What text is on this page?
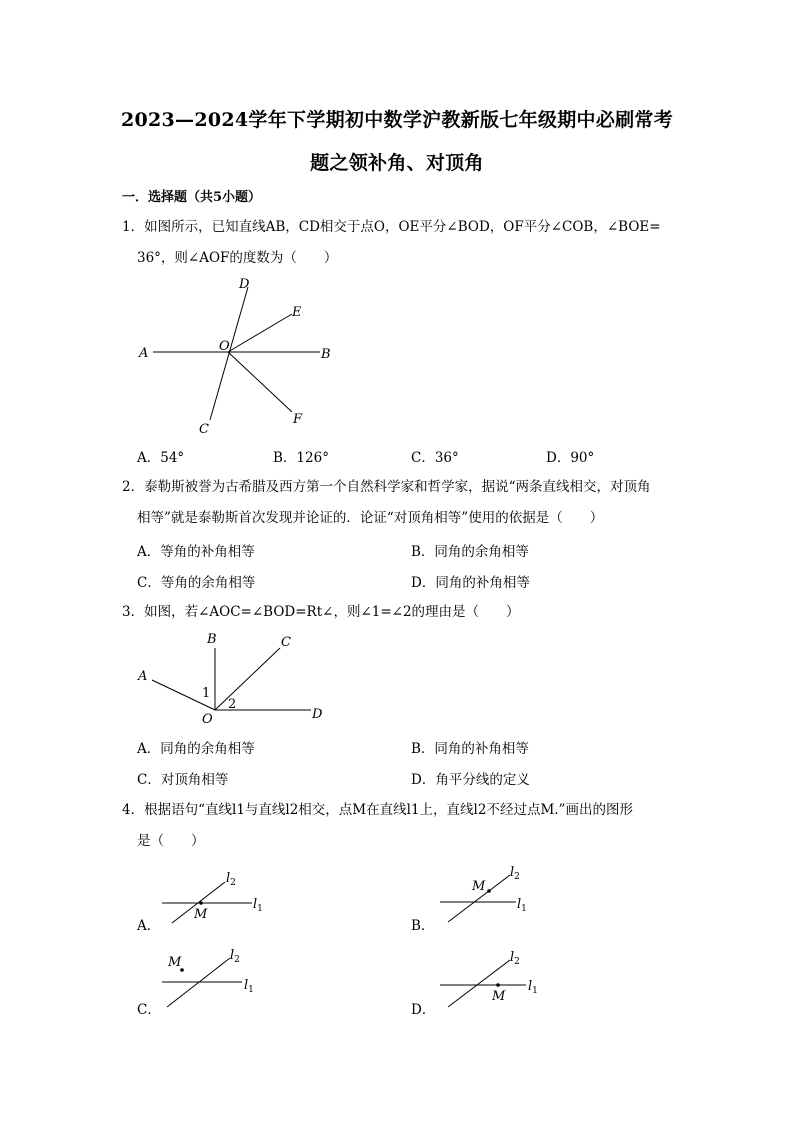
2023—2024学年下学期初中数学沪教新版七年级期中必刷常考
题之领补角、对顶角
一．选择题（共5小题）
1．如图所示，已知直线AB，CD相交于点O，OE平分∠BOD，OF平分∠COB，∠BOE=
36°，则∠AOF的度数为（　　）
A	B
C
D
E
F
O
A．54°	B．126°	C．36°	D．90°
2．泰勒斯被誉为古希腊及西方第一个自然科学家和哲学家，据说“两条直线相交，对顶角
相等”就是泰勒斯首次发现并论证的．论证“对顶角相等”使用的依据是（　　）
A．等角的补角相等	B．同角的余角相等
C．等角的余角相等	D．同角的补角相等
3．如图，若∠AOC=∠BOD=Rt∠，则∠1=∠2的理由是（　　）
A
B	C
D
O
1
2
A．同角的余角相等	B．同角的补角相等
C．对顶角相等	D．角平分线的定义
4．根据语句“直线l1与直线l2相交，点M在直线l1上，直线l2不经过点M.”画出的图形
是（　　）
A．
M
$l_2$
$l_1$
B．
M
$l_2$
$l_1$
C．
M	$l_2$
$l_1$
D．
M
$l_2$
$l_1$
